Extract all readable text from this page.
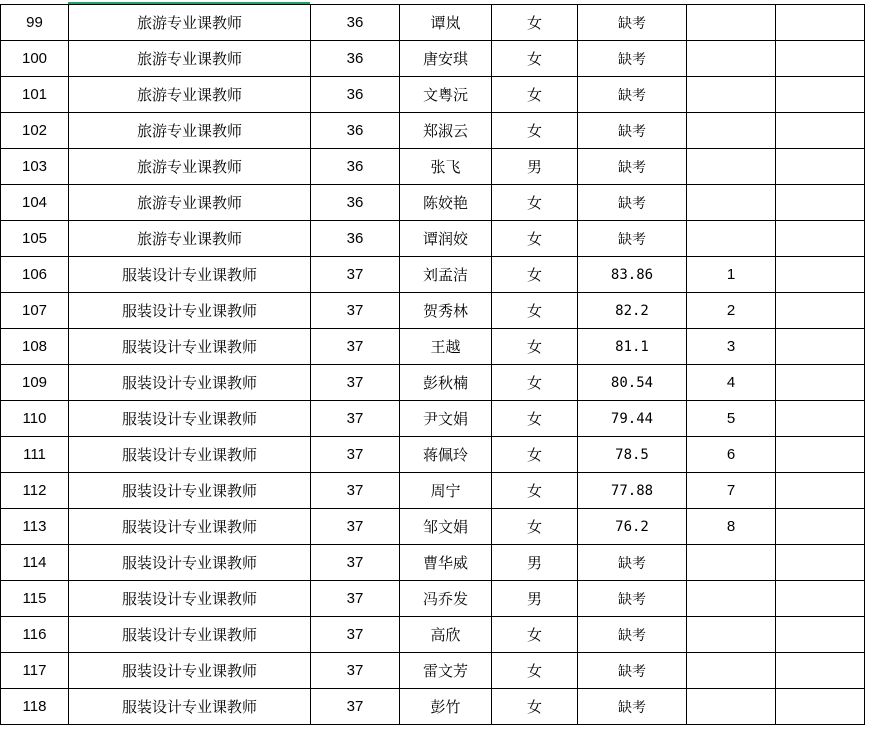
99	旅游专业课教师	36	谭岚	女	缺考		
100	旅游专业课教师	36	唐安琪	女	缺考		
101	旅游专业课教师	36	文粤沅	女	缺考		
102	旅游专业课教师	36	郑淑云	女	缺考		
103	旅游专业课教师	36	张飞	男	缺考		
104	旅游专业课教师	36	陈姣艳	女	缺考		
105	旅游专业课教师	36	谭润姣	女	缺考		
106	服装设计专业课教师	37	刘孟洁	女	83.86	1	
107	服装设计专业课教师	37	贺秀林	女	82.2	2	
108	服装设计专业课教师	37	王越	女	81.1	3	
109	服装设计专业课教师	37	彭秋楠	女	80.54	4	
110	服装设计专业课教师	37	尹文娟	女	79.44	5	
111	服装设计专业课教师	37	蒋佩玲	女	78.5	6	
112	服装设计专业课教师	37	周宁	女	77.88	7	
113	服装设计专业课教师	37	邹文娟	女	76.2	8	
114	服装设计专业课教师	37	曹华威	男	缺考		
115	服装设计专业课教师	37	冯乔发	男	缺考		
116	服装设计专业课教师	37	高欣	女	缺考		
117	服装设计专业课教师	37	雷文芳	女	缺考		
118	服装设计专业课教师	37	彭竹	女	缺考		
